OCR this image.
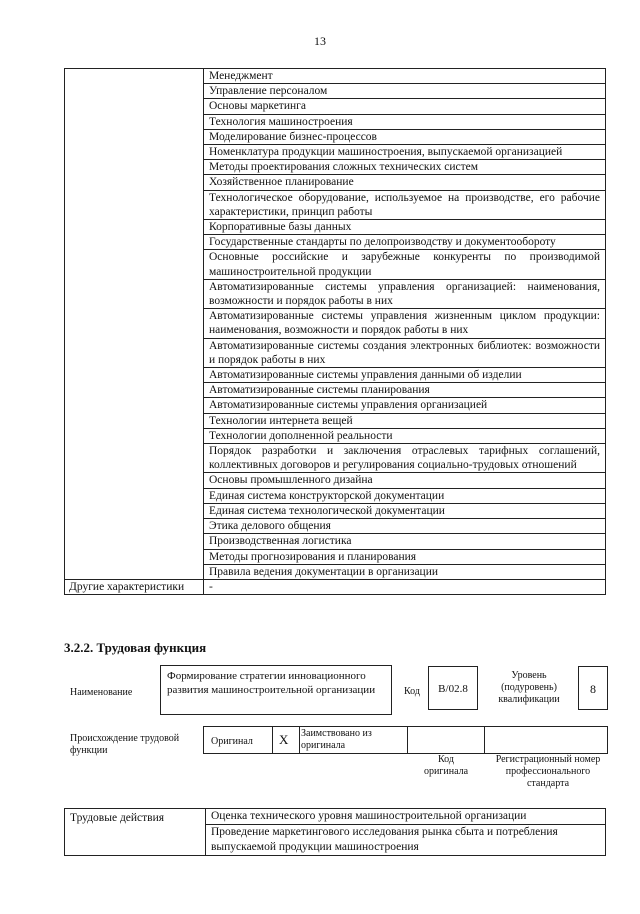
13
	Менеджмент
	Управление персоналом
	Основы маркетинга
	Технология машиностроения
	Моделирование бизнес-процессов
	Номенклатура продукции машиностроения, выпускаемой организацией
	Методы проектирования сложных технических систем
	Хозяйственное планирование
	Технологическое оборудование, используемое на производстве, его рабочие характеристики, принцип работы
	Корпоративные базы данных
	Государственные стандарты по делопроизводству и документообороту
	Основные российские и зарубежные конкуренты по производимой машиностроительной продукции
	Автоматизированные системы управления организацией: наименования, возможности и порядок работы в них
	Автоматизированные системы управления жизненным циклом продукции: наименования, возможности и порядок работы в них
	Автоматизированные системы создания электронных библиотек: возможности и порядок работы в них
	Автоматизированные системы управления данными об изделии
	Автоматизированные системы планирования
	Автоматизированные системы управления организацией
	Технологии интернета вещей
	Технологии дополненной реальности
	Порядок разработки и заключения отраслевых тарифных соглашений, коллективных договоров и регулирования социально-трудовых отношений
	Основы промышленного дизайна
	Единая система конструкторской документации
	Единая система технологической документации
	Этика делового общения
	Производственная логистика
	Методы прогнозирования и планирования
	Правила ведения документации в организации
Другие характеристики	-
3.2.2. Трудовая функция
Наименование
Формирование стратегии инновационного развития машиностроительной организации	Код	B/02.8
Уровень (подуровень) квалификации
8
Происхождение трудовой функции
Оригинал X Заимствовано из оригинала
Код оригинала
Регистрационный номер профессионального стандарта
Трудовые действия	Оценка технического уровня машиностроительной организации
Проведение маркетингового исследования рынка сбыта и потребления выпускаемой продукции машиностроения
